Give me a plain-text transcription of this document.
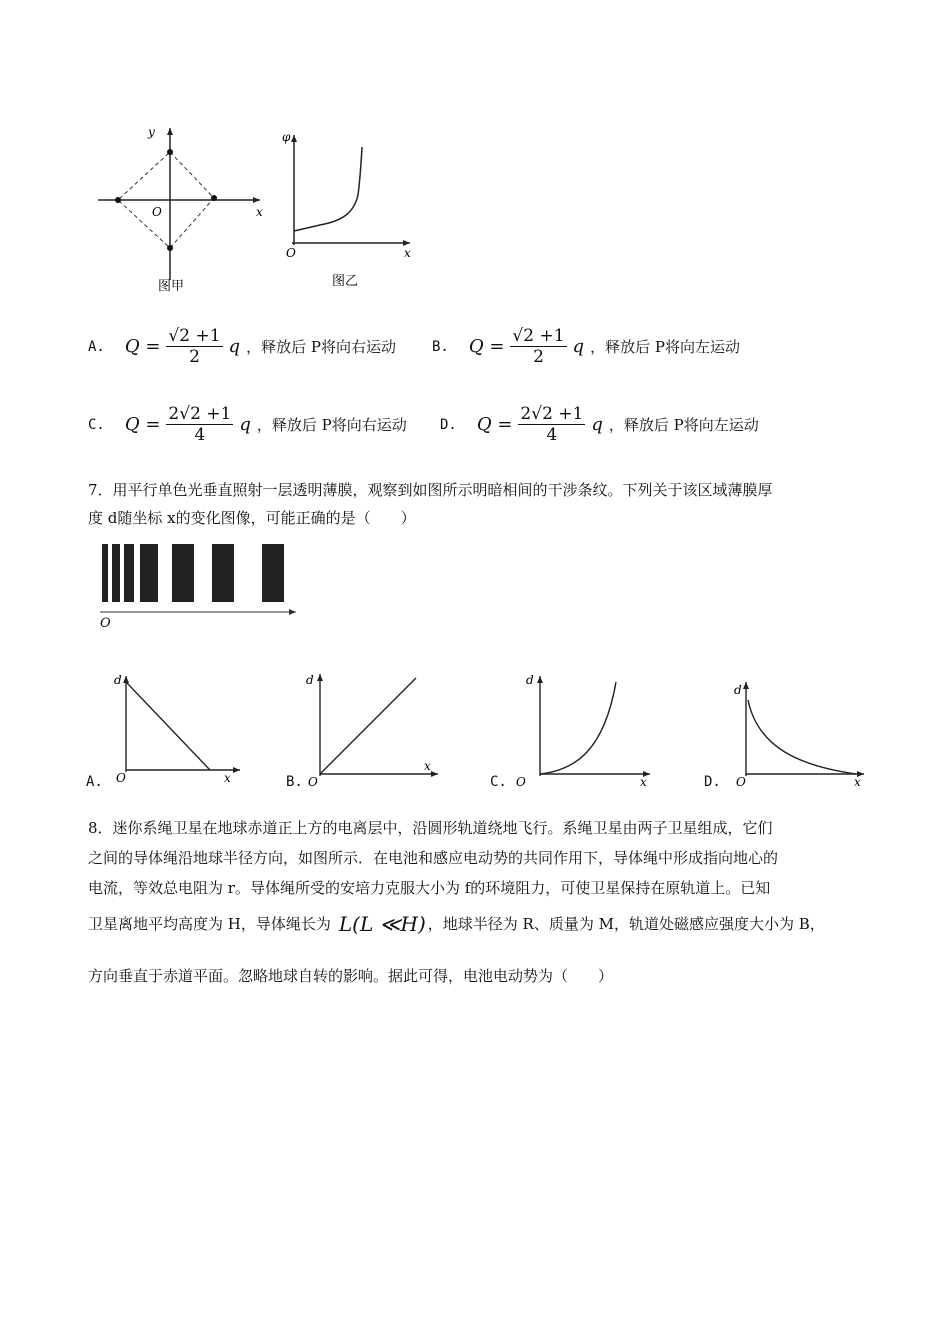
y
x
O
图甲
φ
x
O
图乙
A. $Q = \frac{√2 +1}{2}$ q ，释放后 P将向右运动	B. $Q = \frac{√2 +1}{2}$ q ，释放后 P将向左运动
C. $Q = \frac{2√2 +1}{4}$ q ，释放后 P将向右运动 D. $Q = \frac{2√2 +1}{4}$ q ，释放后 P将向左运动
7．用平行单色光垂直照射一层透明薄膜，观察到如图所示明暗相间的干涉条纹。下列关于该区域薄膜厚
度 d随坐标 x的变化图像，可能正确的是（　　）
O
A.
d
O	x	B.
d
O
x
C.
d
O	x	D.
d
O	x
8．迷你系绳卫星在地球赤道正上方的电离层中，沿圆形轨道绕地飞行。系绳卫星由两子卫星组成，它们
之间的导体绳沿地球半径方向，如图所示．在电池和感应电动势的共同作用下，导体绳中形成指向地心的
电流，等效总电阻为 r。导体绳所受的安培力克服大小为 f的环境阻力，可使卫星保持在原轨道上。已知
卫星离地平均高度为 H，导体绳长为 L(L ≪H) ，地球半径为 R、质量为 M，轨道处磁感应强度大小为 B，
方向垂直于赤道平面。忽略地球自转的影响。据此可得，电池电动势为（　　）
